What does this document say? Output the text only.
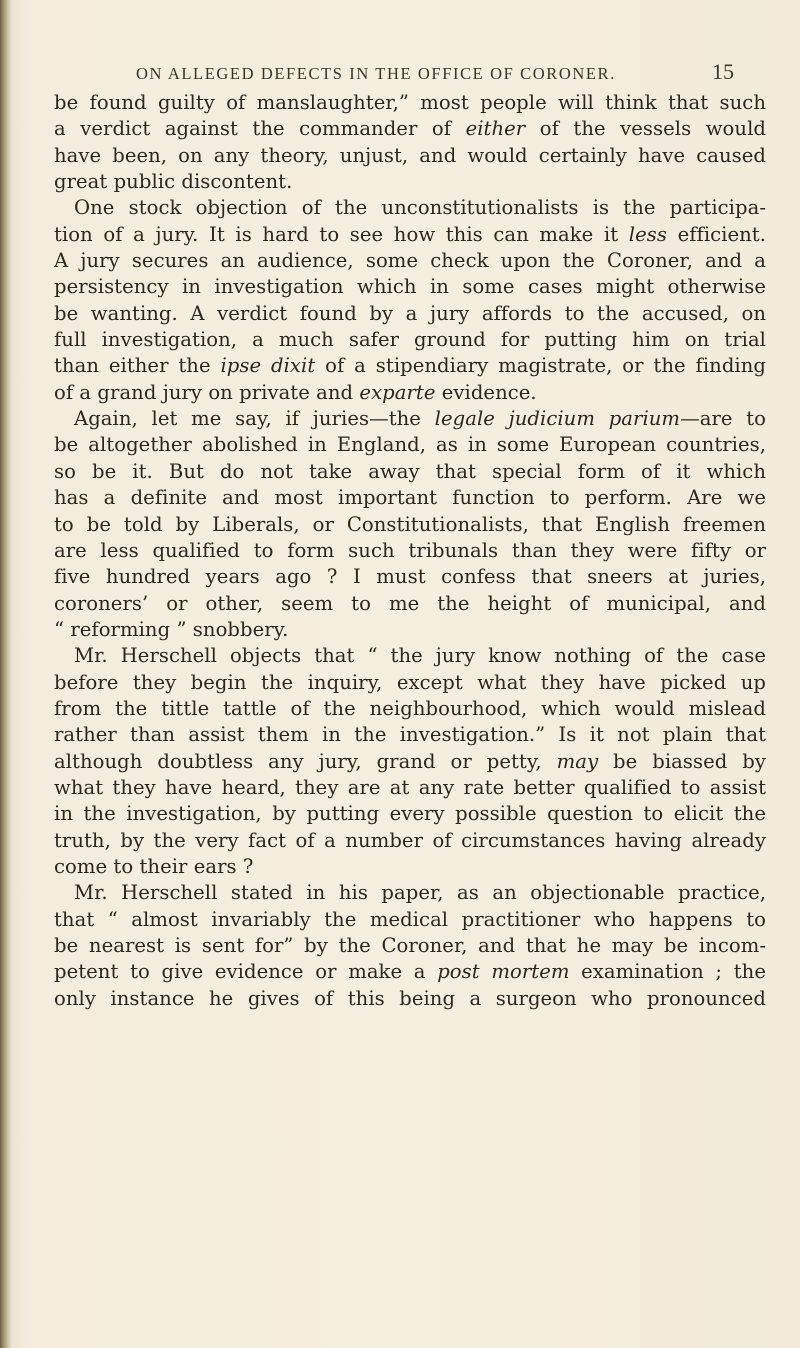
ON ALLEGED DEFECTS IN THE OFFICE OF CORONER.	15
be found guilty of manslaughter,” most people will think that such
a verdict against the commander of either of the vessels would
have been, on any theory, unjust, and would certainly have caused
great public discontent.
One stock objection of the unconstitutionalists is the participa-
tion of a jury. It is hard to see how this can make it less efficient.
A jury secures an audience, some check upon the Coroner, and a
persistency in investigation which in some cases might otherwise
be wanting. A verdict found by a jury affords to the accused, on
full investigation, a much safer ground for putting him on trial
than either the ipse dixit of a stipendiary magistrate, or the finding
of a grand jury on private and exparte evidence.
Again, let me say, if juries—the legale judicium parium—are to
be altogether abolished in England, as in some European countries,
so be it. But do not take away that special form of it which
has a definite and most important function to perform. Are we
to be told by Liberals, or Constitutionalists, that English freemen
are less qualified to form such tribunals than they were fifty or
five hundred years ago ? I must confess that sneers at juries,
coroners’ or other, seem to me the height of municipal, and
“ reforming ” snobbery.
Mr. Herschell objects that “ the jury know nothing of the case
before they begin the inquiry, except what they have picked up
from the tittle tattle of the neighbourhood, which would mislead
rather than assist them in the investigation.” Is it not plain that
although doubtless any jury, grand or petty, may be biassed by
what they have heard, they are at any rate better qualified to assist
in the investigation, by putting every possible question to elicit the
truth, by the very fact of a number of circumstances having already
come to their ears ?
Mr. Herschell stated in his paper, as an objectionable practice,
that “ almost invariably the medical practitioner who happens to
be nearest is sent for” by the Coroner, and that he may be incom-
petent to give evidence or make a post mortem examination ; the
only instance he gives of this being a surgeon who pronounced
